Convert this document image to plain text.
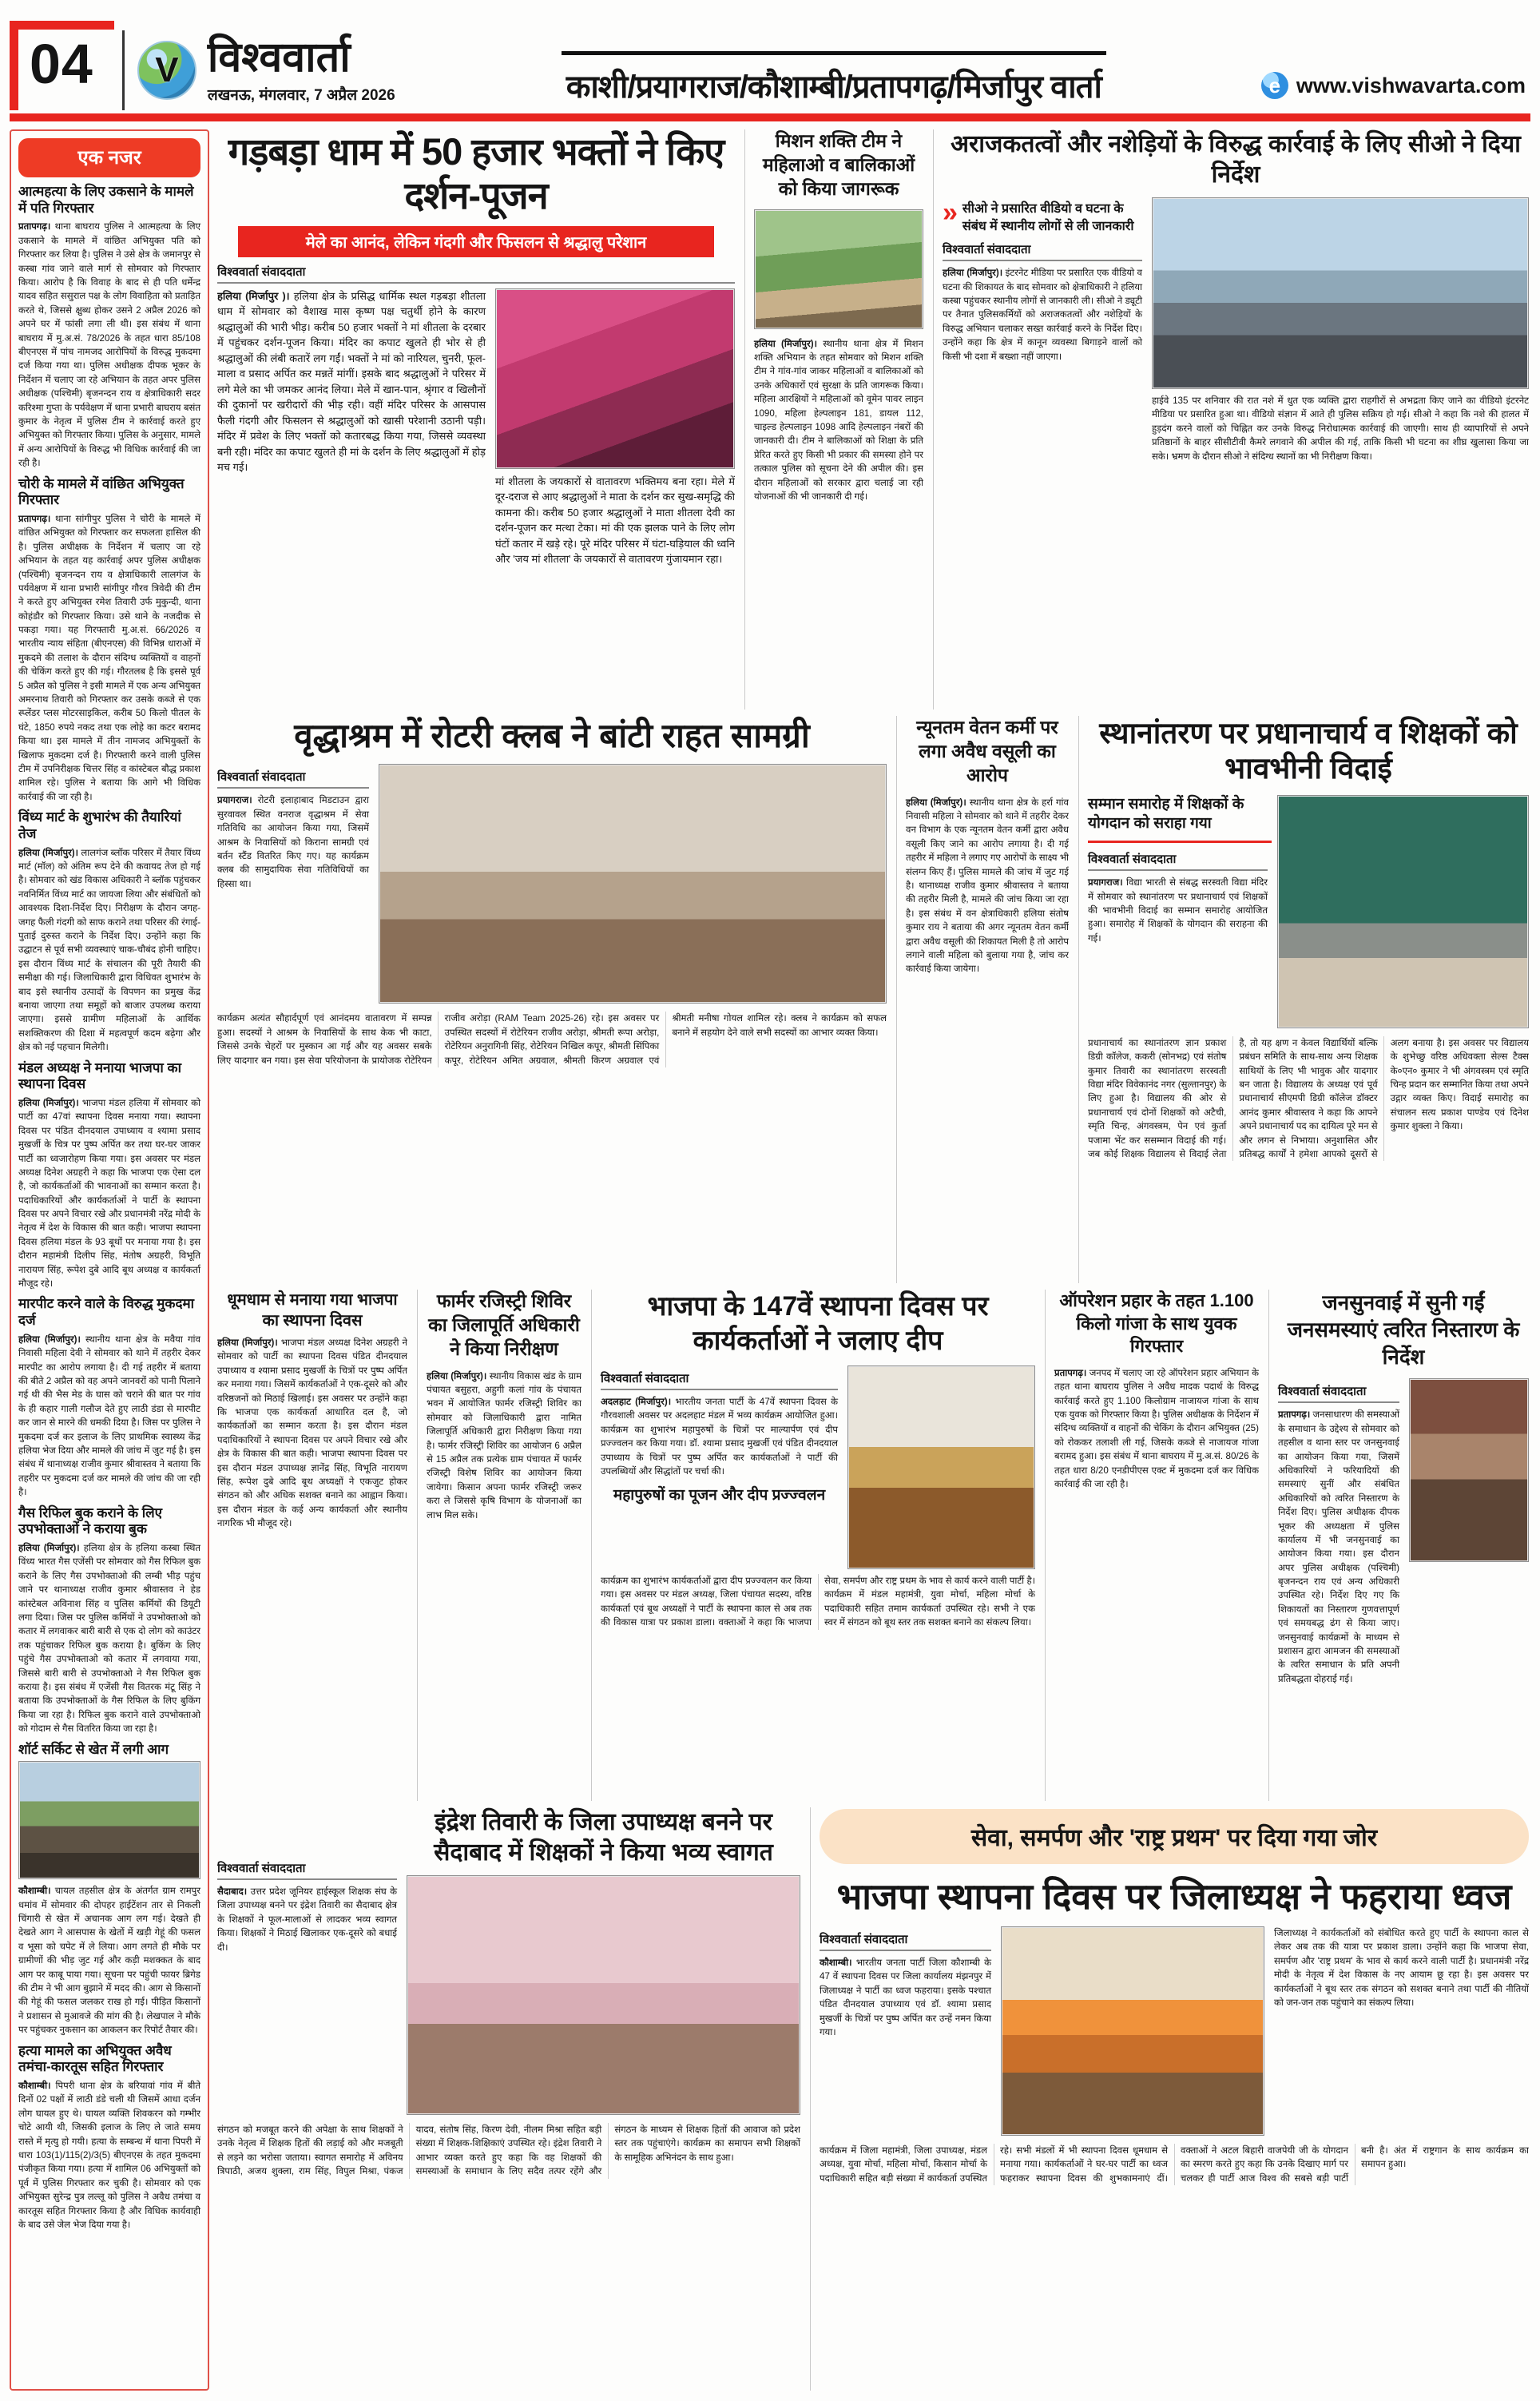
04	V विश्ववार्ता
लखनऊ, मंगलवार, 7 अप्रैल 2026	काशी/प्रयागराज/कौशाम्बी/प्रतापगढ़/मिर्जापुर वार्ता	e www.vishwavarta.com
एक नजर
आत्महत्या के लिए उकसाने के मामले में पति गिरफ्तार
प्रतापगढ़। थाना बाघराय पुलिस ने आत्महत्या के लिए उकसाने के मामले में वांछित अभियुक्त पति को गिरफ्तार कर लिया है। पुलिस ने उसे क्षेत्र के जमानपुर से कस्बा गांव जाने वाले मार्ग से सोमवार को गिरफ्तार किया। आरोप है कि विवाह के बाद से ही पति धर्मेन्द्र यादव सहित ससुराल पक्ष के लोग विवाहिता को प्रताड़ित करते थे, जिससे क्षुब्ध होकर उसने 2 अप्रैल 2026 को अपने घर में फांसी लगा ली थी। इस संबंध में थाना बाघराय में मु.अ.सं. 78/2026 के तहत धारा 85/108 बीएनएस में पांच नामजद आरोपियों के विरुद्ध मुकदमा दर्ज किया गया था। पुलिस अधीक्षक दीपक भूकर के निर्देशन में चलाए जा रहे अभियान के तहत अपर पुलिस अधीक्षक (पश्चिमी) बृजनन्दन राय व क्षेत्राधिकारी सदर करिश्मा गुप्ता के पर्यवेक्षण में थाना प्रभारी बाघराय बसंत कुमार के नेतृत्व में पुलिस टीम ने कार्रवाई करते हुए अभियुक्त को गिरफ्तार किया। पुलिस के अनुसार, मामले में अन्य आरोपियों के विरुद्ध भी विधिक कार्रवाई की जा रही है।
चोरी के मामले में वांछित अभियुक्त गिरफ्तार
प्रतापगढ़। थाना सांगीपुर पुलिस ने चोरी के मामले में वांछित अभियुक्त को गिरफ्तार कर सफलता हासिल की है। पुलिस अधीक्षक के निर्देशन में चलाए जा रहे अभियान के तहत यह कार्रवाई अपर पुलिस अधीक्षक (पश्चिमी) बृजनन्दन राय व क्षेत्राधिकारी लालगंज के पर्यवेक्षण में थाना प्रभारी सांगीपुर गौरव त्रिवेदी की टीम ने करते हुए अभियुक्त रमेश तिवारी उर्फ मुकुन्दी, थाना कोहंडौर को गिरफ्तार किया। उसे थाने के नजदीक से पकड़ा गया। यह गिरफ्तारी मु.अ.सं. 66/2026 व भारतीय न्याय संहिता (बीएनएस) की विभिन्न धाराओं में मुकदमे की तलाश के दौरान संदिग्ध व्यक्तियों व वाहनों की चेकिंग करते हुए की गई। गौरतलब है कि इससे पूर्व 5 अप्रैल को पुलिस ने इसी मामले में एक अन्य अभियुक्त अमरनाथ तिवारी को गिरफ्तार कर उसके कब्जे से एक स्प्लेंडर प्लस मोटरसाइकिल, करीब 50 किलो पीतल के घंटे, 1850 रुपये नकद तथा एक लोहे का कटर बरामद किया था। इस मामले में तीन नामजद अभियुक्तों के खिलाफ मुकदमा दर्ज है। गिरफ्तारी करने वाली पुलिस टीम में उपनिरीक्षक चित्तर सिंह व कांस्टेबल बौद्ध प्रकाश शामिल रहे। पुलिस ने बताया कि आगे भी विधिक कार्रवाई की जा रही है।
विंध्य मार्ट के शुभारंभ की तैयारियां तेज
हलिया (मिर्जापुर)। लालगंज ब्लॉक परिसर में तैयार विंध्य मार्ट (मॉल) को अंतिम रूप देने की कवायद तेज हो गई है। सोमवार को खंड विकास अधिकारी ने ब्लॉक पहुंचकर नवनिर्मित विंध्य मार्ट का जायजा लिया और संबंधितों को आवश्यक दिशा-निर्देश दिए। निरीक्षण के दौरान जगह-जगह फैली गंदगी को साफ कराने तथा परिसर की रंगाई-पुताई दुरुस्त कराने के निर्देश दिए। उन्होंने कहा कि उद्घाटन से पूर्व सभी व्यवस्थाएं चाक-चौबंद होनी चाहिए। इस दौरान विंध्य मार्ट के संचालन की पूरी तैयारी की समीक्षा की गई। जिलाधिकारी द्वारा विधिवत शुभारंभ के बाद इसे स्थानीय उत्पादों के विपणन का प्रमुख केंद्र बनाया जाएगा तथा समूहों को बाजार उपलब्ध कराया जाएगा। इससे ग्रामीण महिलाओं के आर्थिक सशक्तिकरण की दिशा में महत्वपूर्ण कदम बढ़ेगा और क्षेत्र को नई पहचान मिलेगी।
मंडल अध्यक्ष ने मनाया भाजपा का स्थापना दिवस
हलिया (मिर्जापुर)। भाजपा मंडल हलिया में सोमवार को पार्टी का 47वां स्थापना दिवस मनाया गया। स्थापना दिवस पर पंडित दीनदयाल उपाध्याय व श्यामा प्रसाद मुखर्जी के चित्र पर पुष्प अर्पित कर तथा घर-घर जाकर पार्टी का ध्वजारोहण किया गया। इस अवसर पर मंडल अध्यक्ष दिनेश अग्रहरी ने कहा कि भाजपा एक ऐसा दल है, जो कार्यकर्ताओं की भावनाओं का सम्मान करता है। पदाधिकारियों और कार्यकर्ताओं ने पार्टी के स्थापना दिवस पर अपने विचार रखे और प्रधानमंत्री नरेंद्र मोदी के नेतृत्व में देश के विकास की बात कही। भाजपा स्थापना दिवस हलिया मंडल के 93 बूथों पर मनाया गया है। इस दौरान महामंत्री दिलीप सिंह, मंतोष अग्रहरी, विभूति नारायण सिंह, रूपेश दुबे आदि बूथ अध्यक्ष व कार्यकर्ता मौजूद रहे।
मारपीट करने वाले के विरुद्ध मुकदमा दर्ज
हलिया (मिर्जापुर)। स्थानीय थाना क्षेत्र के मवैया गांव निवासी महिला देवी ने सोमवार को थाने में तहरीर देकर मारपीट का आरोप लगाया है। दी गई तहरीर में बताया की बीते 2 अप्रैल को वह अपने जानवरों को पानी पिलाने गई थी की भैस मेड के घास को चराने की बात पर गांव के ही कहार गाली गलौज देते हुए लाठी डंडा से मारपीट कर जान से मारने की धमकी दिया है। जिस पर पुलिस ने मुकदमा दर्ज कर इलाज के लिए प्राथमिक स्वास्थ्य केंद्र हलिया भेज दिया और मामले की जांच में जुट गई है। इस संबंध में थानाध्यक्ष राजीव कुमार श्रीवास्तव ने बताया कि तहरीर पर मुकदमा दर्ज कर मामले की जांच की जा रही है।
गैस रिफिल बुक कराने के लिए उपभोक्ताओं ने कराया बुक
हलिया (मिर्जापुर)। हलिया क्षेत्र के हलिया कस्बा स्थित विंध्य भारत गैस एजेंसी पर सोमवार को गैस रिफिल बुक कराने के लिए गैस उपभोक्ताओ की लम्बी भीड़ पहुंच जाने पर थानाध्यक्ष राजीव कुमार श्रीवास्तव ने हेड कांस्टेबल अविनाश सिंह व पुलिस कर्मियों की डियूटी लगा दिया। जिस पर पुलिस कर्मियों ने उपभोक्ताओ को कतार में लगवाकर बारी बारी से एक दो लोग को काउंटर तक पहुंचाकर रिफिल बुक कराया है। बुकिंग के लिए पहुंचे गैस उपभोक्ताओ को कतार में लगवाया गया, जिससे बारी बारी से उपभोक्ताओ ने गैस रिफिल बुक कराया है। इस संबंध में एजेंसी गैस वितरक मंटू सिंह ने बताया कि उपभोक्ताओं के गैस रिफिल के लिए बुकिंग किया जा रहा है। रिफिल बुक कराने वाले उपभोक्ताओ को गोदाम से गैस वितरित किया जा रहा है।
शॉर्ट सर्किट से खेत में लगी आग
कौशाम्बी। चायल तहसील क्षेत्र के अंतर्गत ग्राम रामपुर धमांव में सोमवार की दोपहर हाईटेंशन तार से निकली चिंगारी से खेत में अचानक आग लग गई। देखते ही देखते आग ने आसपास के खेतों में खड़ी गेहूं की फसल व भूसा को चपेट में ले लिया। आग लगते ही मौके पर ग्रामीणों की भीड़ जुट गई और कड़ी मशक्कत के बाद आग पर काबू पाया गया। सूचना पर पहुंची फायर ब्रिगेड की टीम ने भी आग बुझाने में मदद की। आग से किसानों की गेहूं की फसल जलकर राख हो गई। पीड़ित किसानों ने प्रशासन से मुआवजे की मांग की है। लेखपाल ने मौके पर पहुंचकर नुकसान का आकलन कर रिपोर्ट तैयार की।
हत्या मामले का अभियुक्त अवैध तमंचा-कारतूस सहित गिरफ्तार
कौशाम्बी। पिपरी थाना क्षेत्र के बरियावां गांव में बीते दिनों 02 पक्षों में लाठी डंडे चली थी जिसमें आधा दर्जन लोग घायल हुए थे। घायल व्यक्ति शिवकरन को गम्भीर चोटे आयी थी, जिसकी इलाज के लिए ले जाते समय रास्ते में मृत्यु हो गयी। हत्या के सम्बन्ध में थाना पिपरी में धारा 103(1)/115(2)/3(5) बीएनएस के तहत मुकदमा पंजीकृत किया गया। हत्या में शामिल 06 अभियुक्तों को पूर्व में पुलिस गिरफ्तार कर चुकी है। सोमवार को एक अभियुक्त सुरेन्द्र पुत्र लल्लू को पुलिस ने अवैध तमंचा व कारतूस सहित गिरफ्तार किया है और विधिक कार्यवाही के बाद उसे जेल भेज दिया गया है।
गड़बड़ा धाम में 50 हजार भक्तों ने किए दर्शन-पूजन
मेले का आनंद, लेकिन गंदगी और फिसलन से श्रद्धालु परेशान
विश्ववार्ता संवाददाता
हलिया (मिर्जापुर )। हलिया क्षेत्र के प्रसिद्ध धार्मिक स्थल गड़बड़ा शीतला धाम में सोमवार को वैशाख मास कृष्ण पक्ष चतुर्थी होने के कारण श्रद्धालुओं की भारी भीड़। करीब 50 हजार भक्तों ने मां शीतला के दरबार में पहुंचकर दर्शन-पूजन किया। मंदिर का कपाट खुलते ही भोर से ही श्रद्धालुओं की लंबी कतारें लग गईं। भक्तों ने मां को नारियल, चुनरी, फूल-माला व प्रसाद अर्पित कर मन्नतें मांगीं। इसके बाद श्रद्धालुओं ने परिसर में लगे मेले का भी जमकर आनंद लिया। मेले में खान-पान, श्रृंगार व खिलौनों की दुकानों पर खरीदारों की भीड़ रही। वहीं मंदिर परिसर के आसपास फैली गंदगी और फिसलन से श्रद्धालुओं को खासी परेशानी उठानी पड़ी। मंदिर में प्रवेश के लिए भक्तों को कतारबद्ध किया गया, जिससे व्यवस्था बनी रही। मंदिर का कपाट खुलते ही मां के दर्शन के लिए श्रद्धालुओं में होड़ मच गई।
मां शीतला के जयकारों से वातावरण भक्तिमय बना रहा। मेले में दूर-दराज से आए श्रद्धालुओं ने माता के दर्शन कर सुख-समृद्धि की कामना की। करीब 50 हजार श्रद्धालुओं ने माता शीतला देवी का दर्शन-पूजन कर मत्था टेका। मां की एक झलक पाने के लिए लोग घंटों कतार में खड़े रहे। पूरे मंदिर परिसर में घंटा-घड़ियाल की ध्वनि और 'जय मां शीतला' के जयकारों से वातावरण गुंजायमान रहा।
मिशन शक्ति टीम ने महिलाओ व बालिकाओं को किया जागरूक
हलिया (मिर्जापुर)। स्थानीय थाना क्षेत्र में मिशन शक्ति अभियान के तहत सोमवार को मिशन शक्ति टीम ने गांव-गांव जाकर महिलाओं व बालिकाओं को उनके अधिकारों एवं सुरक्षा के प्रति जागरूक किया। महिला आरक्षियों ने महिलाओं को वूमेन पावर लाइन 1090, महिला हेल्पलाइन 181, डायल 112, चाइल्ड हेल्पलाइन 1098 आदि हेल्पलाइन नंबरों की जानकारी दी। टीम ने बालिकाओं को शिक्षा के प्रति प्रेरित करते हुए किसी भी प्रकार की समस्या होने पर तत्काल पुलिस को सूचना देने की अपील की। इस दौरान महिलाओं को सरकार द्वारा चलाई जा रही योजनाओं की भी जानकारी दी गई।
अराजकतत्वों और नशेड़ियों के विरुद्ध कार्रवाई के लिए सीओ ने दिया निर्देश
» सीओ ने प्रसारित वीडियो व घटना के संबंध में स्थानीय लोगों से ली जानकारी
विश्ववार्ता संवाददाता
हलिया (मिर्जापुर)। इंटरनेट मीडिया पर प्रसारित एक वीडियो व घटना की शिकायत के बाद सोमवार को क्षेत्राधिकारी ने हलिया कस्बा पहुंचकर स्थानीय लोगों से जानकारी ली। सीओ ने ड्यूटी पर तैनात पुलिसकर्मियों को अराजकतत्वों और नशेड़ियों के विरुद्ध अभियान चलाकर सख्त कार्रवाई करने के निर्देश दिए। उन्होंने कहा कि क्षेत्र में कानून व्यवस्था बिगाड़ने वालों को किसी भी दशा में बख्शा नहीं जाएगा।
हाईवे 135 पर शनिवार की रात नशे में धुत एक व्यक्ति द्वारा राहगीरों से अभद्रता किए जाने का वीडियो इंटरनेट मीडिया पर प्रसारित हुआ था। वीडियो संज्ञान में आते ही पुलिस सक्रिय हो गई। सीओ ने कहा कि नशे की हालत में हुड़दंग करने वालों को चिह्नित कर उनके विरुद्ध निरोधात्मक कार्रवाई की जाएगी। साथ ही व्यापारियों से अपने प्रतिष्ठानों के बाहर सीसीटीवी कैमरे लगवाने की अपील की गई, ताकि किसी भी घटना का शीघ्र खुलासा किया जा सके। भ्रमण के दौरान सीओ ने संदिग्ध स्थानों का भी निरीक्षण किया।
वृद्धाश्रम में रोटरी क्लब ने बांटी राहत सामग्री
विश्ववार्ता संवाददाता
प्रयागराज। रोटरी इलाहाबाद मिडटाउन द्वारा सुरवावल स्थित वनराज वृद्धाश्रम में सेवा गतिविधि का आयोजन किया गया, जिसमें आश्रम के निवासियों को किराना सामग्री एवं बर्तन स्टैंड वितरित किए गए। यह कार्यक्रम क्लब की सामुदायिक सेवा गतिविधियों का हिस्सा था।
कार्यक्रम अत्यंत सौहार्दपूर्ण एवं आनंदमय वातावरण में सम्पन्न हुआ। सदस्यों ने आश्रम के निवासियों के साथ केक भी काटा, जिससे उनके चेहरों पर मुस्कान आ गई और यह अवसर सबके लिए यादगार बन गया। इस सेवा परियोजना के प्रायोजक रोटेरियन राजीव अरोड़ा (RAM Team 2025-26) रहे। इस अवसर पर उपस्थित सदस्यों में रोटेरियन राजीव अरोड़ा, श्रीमती रूपा अरोड़ा, रोटेरियन अनुरागिनी सिंह, रोटेरियन निखिल कपूर, श्रीमती सिंपिका कपूर, रोटेरियन अमित अग्रवाल, श्रीमती किरण अग्रवाल एवं श्रीमती मनीषा गोयल शामिल रहे। क्लब ने कार्यक्रम को सफल बनाने में सहयोग देने वाले सभी सदस्यों का आभार व्यक्त किया।
न्यूनतम वेतन कर्मी पर लगा अवैध वसूली का आरोप
हलिया (मिर्जापुर)। स्थानीय थाना क्षेत्र के हर्रा गांव निवासी महिला ने सोमवार को थाने में तहरीर देकर वन विभाग के एक न्यूनतम वेतन कर्मी द्वारा अवैध वसूली किए जाने का आरोप लगाया है। दी गई तहरीर में महिला ने लगाए गए आरोपों के साक्ष्य भी संलग्न किए हैं। पुलिस मामले की जांच में जुट गई है। थानाध्यक्ष राजीव कुमार श्रीवास्तव ने बताया की तहरीर मिली है, मामले की जांच किया जा रहा है। इस संबंध में वन क्षेत्राधिकारी हलिया संतोष कुमार राय ने बताया की अगर न्यूनतम वेतन कर्मी द्वारा अवैध वसूली की शिकायत मिली है तो आरोप लगाने वाली महिला को बुलाया गया है, जांच कर कार्रवाई किया जायेगा।
स्थानांतरण पर प्रधानाचार्य व शिक्षकों को भावभीनी विदाई
सम्मान समारोह में शिक्षकों के योगदान को सराहा गया
विश्ववार्ता संवाददाता
प्रयागराज। विद्या भारती से संबद्ध सरस्वती विद्या मंदिर में सोमवार को स्थानांतरण पर प्रधानाचार्य एवं शिक्षकों की भावभीनी विदाई का सम्मान समारोह आयोजित हुआ। समारोह में शिक्षकों के योगदान की सराहना की गई।
प्रधानाचार्य का स्थानांतरण ज्ञान प्रकाश डिग्री कॉलेज, ककरी (सोनभद्र) एवं संतोष कुमार तिवारी का स्थानांतरण सरस्वती विद्या मंदिर विवेकानंद नगर (सुल्तानपुर) के लिए हुआ है। विद्यालय की ओर से प्रधानाचार्य एवं दोनों शिक्षकों को अटैची, स्मृति चिन्ह, अंगवस्त्रम, पेन एवं कुर्ता पजामा भेंट कर ससम्मान विदाई की गई। जब कोई शिक्षक विद्यालय से विदाई लेता है, तो यह क्षण न केवल विद्यार्थियों बल्कि प्रबंधन समिति के साथ-साथ अन्य शिक्षक साथियों के लिए भी भावुक और यादगार बन जाता है। विद्यालय के अध्यक्ष एवं पूर्व प्रधानाचार्य सीएमपी डिग्री कॉलेज डॉक्टर आनंद कुमार श्रीवास्तव ने कहा कि आपने अपने प्रधानाचार्य पद का दायित्व पूरे मन से और लगन से निभाया। अनुशासित और प्रतिबद्ध कार्यों ने हमेशा आपको दूसरों से अलग बनाया है। इस अवसर पर विद्यालय के शुभेच्छु वरिष्ठ अधिवक्ता सेल्स टैक्स के०एन० कुमार ने भी अंगवस्त्रम एवं स्मृति चिन्ह प्रदान कर सम्मानित किया तथा अपने उद्गार व्यक्त किए। विदाई समारोह का संचालन सत्य प्रकाश पाण्डेय एवं दिनेश कुमार शुक्ला ने किया।
धूमधाम से मनाया गया भाजपा का स्थापना दिवस
हलिया (मिर्जापुर)। भाजपा मंडल अध्यक्ष दिनेश अग्रहरी ने सोमवार को पार्टी का स्थापना दिवस पंडित दीनदयाल उपाध्याय व श्यामा प्रसाद मुखर्जी के चित्रों पर पुष्प अर्पित कर मनाया गया। जिसमें कार्यकर्ताओं ने एक-दूसरे को और वरिष्ठजनों को मिठाई खिलाई। इस अवसर पर उन्होंने कहा कि भाजपा एक कार्यकर्ता आधारित दल है, जो कार्यकर्ताओं का सम्मान करता है। इस दौरान मंडल पदाधिकारियों ने स्थापना दिवस पर अपने विचार रखे और क्षेत्र के विकास की बात कही। भाजपा स्थापना दिवस पर इस दौरान मंडल उपाध्यक्ष ज्ञानेंद्र सिंह, विभूति नारायण सिंह, रूपेश दुबे आदि बूथ अध्यक्षों ने एकजुट होकर संगठन को और अधिक सशक्त बनाने का आह्वान किया। इस दौरान मंडल के कई अन्य कार्यकर्ता और स्थानीय नागरिक भी मौजूद रहे।
फार्मर रजिस्ट्री शिविर का जिलापूर्ति अधिकारी ने किया निरीक्षण
हलिया (मिर्जापुर)। स्थानीय विकास खंड के ग्राम पंचायत बसुहरा, अहुगी कलां गांव के पंचायत भवन में आयोजित फार्मर रजिस्ट्री शिविर का सोमवार को जिलाधिकारी द्वारा नामित जिलापूर्ति अधिकारी द्वारा निरीक्षण किया गया है। फार्मर रजिस्ट्री शिविर का आयोजन 6 अप्रैल से 15 अप्रैल तक प्रत्येक ग्राम पंचायत में फार्मर रजिस्ट्री विशेष शिविर का आयोजन किया जायेगा। किसान अपना फार्मर रजिस्ट्री जरूर करा ले जिससे कृषि विभाग के योजनाओं का लाभ मिल सके।
भाजपा के 147वें स्थापना दिवस पर कार्यकर्ताओं ने जलाए दीप
विश्ववार्ता संवाददाता
अदलहाट (मिर्जापुर)। भारतीय जनता पार्टी के 47वें स्थापना दिवस के गौरवशाली अवसर पर अदलहाट मंडल में भव्य कार्यक्रम आयोजित हुआ। कार्यक्रम का शुभारंभ महापुरुषों के चित्रों पर माल्यार्पण एवं दीप प्रज्ज्वलन कर किया गया। डॉ. श्यामा प्रसाद मुखर्जी एवं पंडित दीनदयाल उपाध्याय के चित्रों पर पुष्प अर्पित कर कार्यकर्ताओं ने पार्टी की उपलब्धियों और सिद्धांतों पर चर्चा की।
महापुरुषों का पूजन और दीप प्रज्ज्वलन
कार्यक्रम का शुभारंभ कार्यकर्ताओं द्वारा दीप प्रज्ज्वलन कर किया गया। इस अवसर पर मंडल अध्यक्ष, जिला पंचायत सदस्य, वरिष्ठ कार्यकर्ता एवं बूथ अध्यक्षों ने पार्टी के स्थापना काल से अब तक की विकास यात्रा पर प्रकाश डाला। वक्ताओं ने कहा कि भाजपा सेवा, समर्पण और राष्ट्र प्रथम के भाव से कार्य करने वाली पार्टी है। कार्यक्रम में मंडल महामंत्री, युवा मोर्चा, महिला मोर्चा के पदाधिकारी सहित तमाम कार्यकर्ता उपस्थित रहे। सभी ने एक स्वर में संगठन को बूथ स्तर तक सशक्त बनाने का संकल्प लिया।
ऑपरेशन प्रहार के तहत 1.100 किलो गांजा के साथ युवक गिरफ्तार
प्रतापगढ़। जनपद में चलाए जा रहे ऑपरेशन प्रहार अभियान के तहत थाना बाघराय पुलिस ने अवैध मादक पदार्थ के विरुद्ध कार्रवाई करते हुए 1.100 किलोग्राम नाजायज गांजा के साथ एक युवक को गिरफ्तार किया है। पुलिस अधीक्षक के निर्देशन में संदिग्ध व्यक्तियों व वाहनों की चेकिंग के दौरान अभियुक्त (25) को रोककर तलाशी ली गई, जिसके कब्जे से नाजायज गांजा बरामद हुआ। इस संबंध में थाना बाघराय में मु.अ.सं. 80/26 के तहत धारा 8/20 एनडीपीएस एक्ट में मुकदमा दर्ज कर विधिक कार्रवाई की जा रही है।
जनसुनवाई में सुनी गईं जनसमस्याएं त्वरित निस्तारण के निर्देश
विश्ववार्ता संवाददाता
प्रतापगढ़। जनसाधारण की समस्याओं के समाधान के उद्देश्य से सोमवार को तहसील व थाना स्तर पर जनसुनवाई का आयोजन किया गया, जिसमें अधिकारियों ने फरियादियों की समस्याएं सुनीं और संबंधित अधिकारियों को त्वरित निस्तारण के निर्देश दिए। पुलिस अधीक्षक दीपक भूकर की अध्यक्षता में पुलिस कार्यालय में भी जनसुनवाई का आयोजन किया गया। इस दौरान अपर पुलिस अधीक्षक (पश्चिमी) बृजनन्दन राय एवं अन्य अधिकारी उपस्थित रहे। निर्देश दिए गए कि शिकायतों का निस्तारण गुणवत्तापूर्ण एवं समयबद्ध ढंग से किया जाए। जनसुनवाई कार्यक्रमों के माध्यम से प्रशासन द्वारा आमजन की समस्याओं के त्वरित समाधान के प्रति अपनी प्रतिबद्धता दोहराई गई।
विश्ववार्ता संवाददाता
सैदाबाद। उत्तर प्रदेश जूनियर हाईस्कूल शिक्षक संघ के जिला उपाध्यक्ष बनने पर इंद्रेश तिवारी का सैदाबाद क्षेत्र के शिक्षकों ने फूल-मालाओं से लादकर भव्य स्वागत किया। शिक्षकों ने मिठाई खिलाकर एक-दूसरे को बधाई दी।
इंद्रेश तिवारी के जिला उपाध्यक्ष बनने पर सैदाबाद में शिक्षकों ने किया भव्य स्वागत
संगठन को मजबूत करने की अपेक्षा के साथ शिक्षकों ने उनके नेतृत्व में शिक्षक हितों की लड़ाई को और मजबूती से लड़ने का भरोसा जताया। स्वागत समारोह में अविनय त्रिपाठी, अजय शुक्ला, राम सिंह, विपुल मिश्रा, पंकज यादव, संतोष सिंह, किरण देवी, नीलम मिश्रा सहित बड़ी संख्या में शिक्षक-शिक्षिकाएं उपस्थित रहे। इंद्रेश तिवारी ने आभार व्यक्त करते हुए कहा कि वह शिक्षकों की समस्याओं के समाधान के लिए सदैव तत्पर रहेंगे और संगठन के माध्यम से शिक्षक हितों की आवाज को प्रदेश स्तर तक पहुंचाएंगे। कार्यक्रम का समापन सभी शिक्षकों के सामूहिक अभिनंदन के साथ हुआ।
सेवा, समर्पण और 'राष्ट्र प्रथम' पर दिया गया जोर
भाजपा स्थापना दिवस पर जिलाध्यक्ष ने फहराया ध्वज
विश्ववार्ता संवाददाता
कौशाम्बी। भारतीय जनता पार्टी जिला कौशाम्बी के 47 वें स्थापना दिवस पर जिला कार्यालय मंझनपुर में जिलाध्यक्ष ने पार्टी का ध्वज फहराया। इसके पश्चात पंडित दीनदयाल उपाध्याय एवं डॉ. श्यामा प्रसाद मुखर्जी के चित्रों पर पुष्प अर्पित कर उन्हें नमन किया गया।
जिलाध्यक्ष ने कार्यकर्ताओं को संबोधित करते हुए पार्टी के स्थापना काल से लेकर अब तक की यात्रा पर प्रकाश डाला। उन्होंने कहा कि भाजपा सेवा, समर्पण और 'राष्ट्र प्रथम' के भाव से कार्य करने वाली पार्टी है। प्रधानमंत्री नरेंद्र मोदी के नेतृत्व में देश विकास के नए आयाम छू रहा है। इस अवसर पर कार्यकर्ताओं ने बूथ स्तर तक संगठन को सशक्त बनाने तथा पार्टी की नीतियों को जन-जन तक पहुंचाने का संकल्प लिया।
कार्यक्रम में जिला महामंत्री, जिला उपाध्यक्ष, मंडल अध्यक्ष, युवा मोर्चा, महिला मोर्चा, किसान मोर्चा के पदाधिकारी सहित बड़ी संख्या में कार्यकर्ता उपस्थित रहे। सभी मंडलों में भी स्थापना दिवस धूमधाम से मनाया गया। कार्यकर्ताओं ने घर-घर पार्टी का ध्वज फहराकर स्थापना दिवस की शुभकामनाएं दीं। वक्ताओं ने अटल बिहारी वाजपेयी जी के योगदान का स्मरण करते हुए कहा कि उनके दिखाए मार्ग पर चलकर ही पार्टी आज विश्व की सबसे बड़ी पार्टी बनी है। अंत में राष्ट्रगान के साथ कार्यक्रम का समापन हुआ।
